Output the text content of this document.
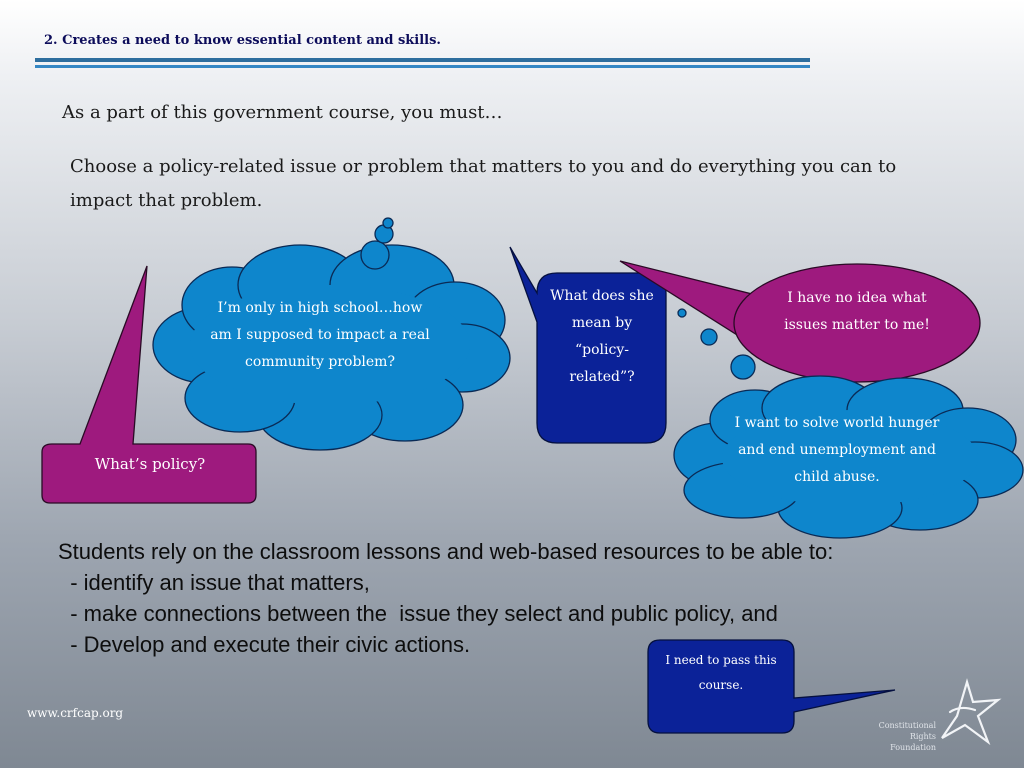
2. Creates a need to know essential content and skills.
As a part of this government course, you must…
Choose a policy-related issue or problem that matters to you and do everything you can to impact that problem.
I’m only in high school…how am I supposed to impact a real community problem?
What’s policy?
What does she mean by “policy-related”?
I have no idea what issues matter to me!
I want to solve world hunger and end unemployment and child abuse.
I need to pass this course.
Students rely on the classroom lessons and web-based resources to be able to:
- identify an issue that matters,
- make connections between the  issue they select and public policy, and
- Develop and execute their civic actions.
www.crfcap.org
Constitutional Rights Foundation
